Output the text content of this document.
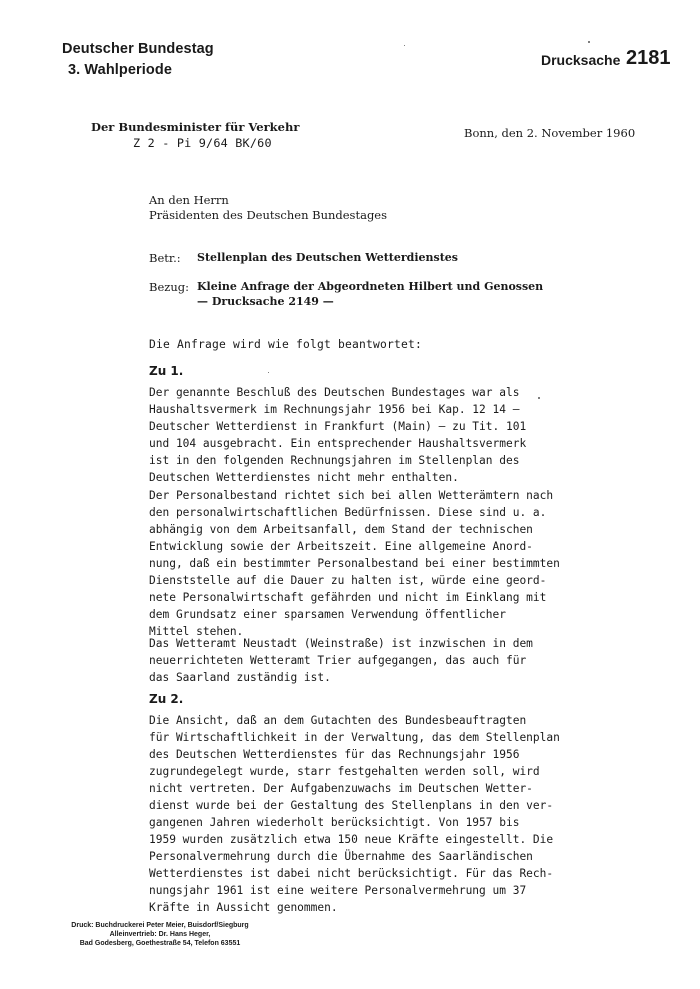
Deutscher Bundestag
3. Wahlperiode
Drucksache 2181
Der Bundesminister für Verkehr
Z 2 - Pi 9/64 BK/60
Bonn, den 2. November 1960
An den Herrn
Präsidenten des Deutschen Bundestages
Betr.: Stellenplan des Deutschen Wetterdienstes
Bezug: Kleine Anfrage der Abgeordneten Hilbert und Genossen
— Drucksache 2149 —
Die Anfrage wird wie folgt beantwortet:
Zu 1.
Der genannte Beschluß des Deutschen Bundestages war als
Haushaltsvermerk im Rechnungsjahr 1956 bei Kap. 12 14 —
Deutscher Wetterdienst in Frankfurt (Main) — zu Tit. 101
und 104 ausgebracht. Ein entsprechender Haushaltsvermerk
ist in den folgenden Rechnungsjahren im Stellenplan des
Deutschen Wetterdienstes nicht mehr enthalten.
Der Personalbestand richtet sich bei allen Wetterämtern nach
den personalwirtschaftlichen Bedürfnissen. Diese sind u. a.
abhängig von dem Arbeitsanfall, dem Stand der technischen
Entwicklung sowie der Arbeitszeit. Eine allgemeine Anord-
nung, daß ein bestimmter Personalbestand bei einer bestimmten
Dienststelle auf die Dauer zu halten ist, würde eine geord-
nete Personalwirtschaft gefährden und nicht im Einklang mit
dem Grundsatz einer sparsamen Verwendung öffentlicher
Mittel stehen.
Das Wetteramt Neustadt (Weinstraße) ist inzwischen in dem
neuerrichteten Wetteramt Trier aufgegangen, das auch für
das Saarland zuständig ist.
Zu 2.
Die Ansicht, daß an dem Gutachten des Bundesbeauftragten
für Wirtschaftlichkeit in der Verwaltung, das dem Stellenplan
des Deutschen Wetterdienstes für das Rechnungsjahr 1956
zugrundegelegt wurde, starr festgehalten werden soll, wird
nicht vertreten. Der Aufgabenzuwachs im Deutschen Wetter-
dienst wurde bei der Gestaltung des Stellenplans in den ver-
gangenen Jahren wiederholt berücksichtigt. Von 1957 bis
1959 wurden zusätzlich etwa 150 neue Kräfte eingestellt. Die
Personalvermehrung durch die Übernahme des Saarländischen
Wetterdienstes ist dabei nicht berücksichtigt. Für das Rech-
nungsjahr 1961 ist eine weitere Personalvermehrung um 37
Kräfte in Aussicht genommen.
Druck: Buchdruckerei Peter Meier, Buisdorf/Siegburg
Alleinvertrieb: Dr. Hans Heger,
Bad Godesberg, Goethestraße 54, Telefon 63551
